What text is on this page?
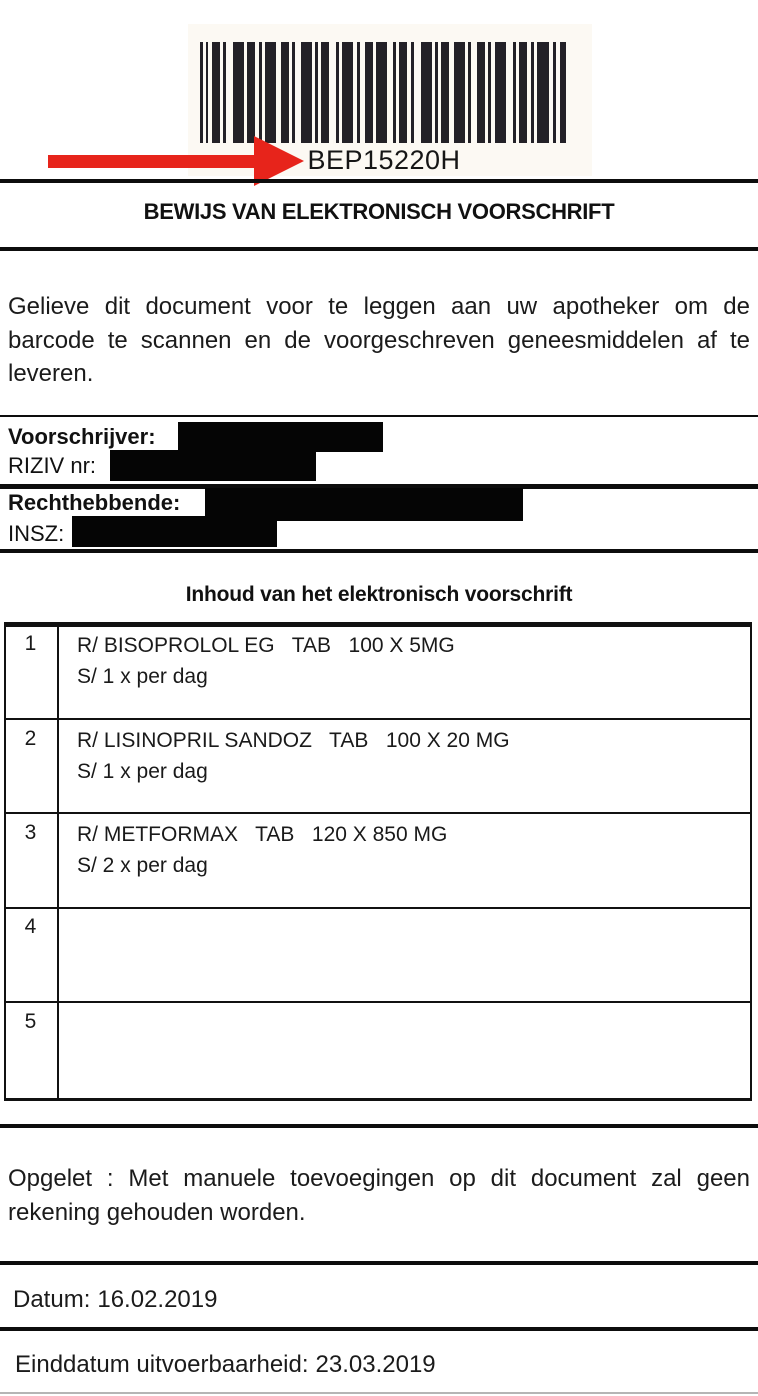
BEP15220H
BEWIJS VAN ELEKTRONISCH VOORSCHRIFT
Gelieve dit document voor te leggen aan uw apotheker om de barcode te scannen en de voorgeschreven geneesmiddelen af te leveren.
Voorschrijver:
RIZIV nr:
Rechthebbende:
INSZ:
Inhoud van het elektronisch voorschrift
1	R/ BISOPROLOL EG   TAB   100 X 5MG
S/ 1 x per dag
2	R/ LISINOPRIL SANDOZ   TAB   100 X 20 MG
S/ 1 x per dag
3	R/ METFORMAX   TAB   120 X 850 MG
S/ 2 x per dag
4
5
Opgelet : Met manuele toevoegingen op dit document zal geen rekening gehouden worden.
Datum: 16.02.2019
Einddatum uitvoerbaarheid: 23.03.2019
